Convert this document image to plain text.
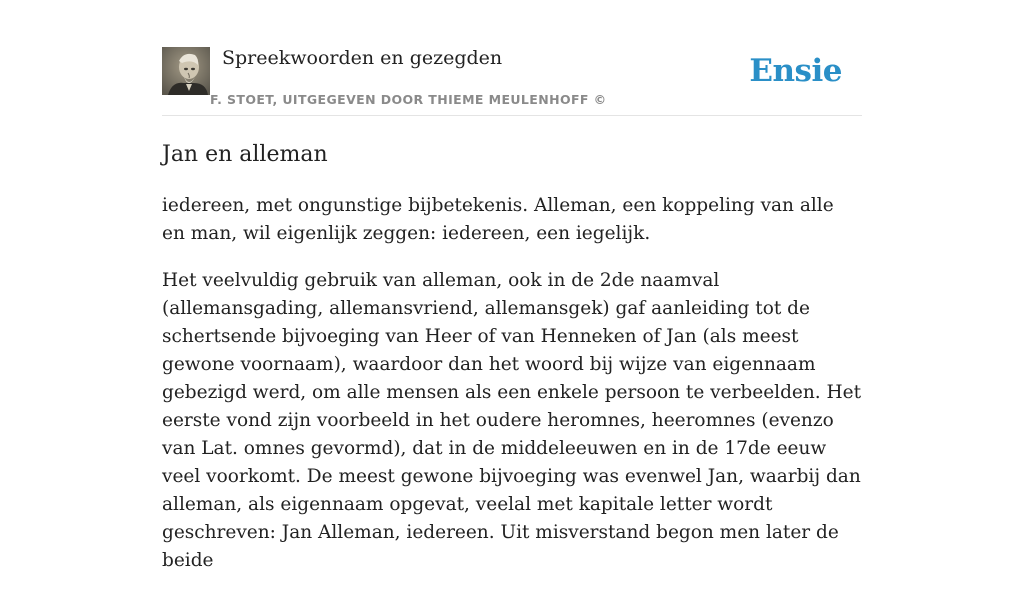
Spreekwoorden en gezegden
F. STOET, UITGEGEVEN DOOR THIEME MEULENHOFF ©
Ensie
Jan en alleman

iedereen, met ongunstige bijbetekenis. Alleman, een koppeling van alle en man, wil eigenlijk zeggen: iedereen, een iegelijk.

Het veelvuldig gebruik van alleman, ook in de 2de naamval (allemansgading, allemansvriend, allemansgek) gaf aanleiding tot de schertsende bijvoeging van Heer of van Henneken of Jan (als meest gewone voornaam), waardoor dan het woord bij wijze van eigennaam gebezigd werd, om alle mensen als een enkele persoon te verbeelden. Het eerste vond zijn voorbeeld in het oudere heromnes, heeromnes (evenzo van Lat. omnes gevormd), dat in de middeleeuwen en in de 17de eeuw veel voorkomt. De meest gewone bijvoeging was evenwel Jan, waarbij dan alleman, als eigennaam opgevat, veelal met kapitale letter wordt geschreven: Jan Alleman, iedereen. Uit misverstand begon men later de beide
